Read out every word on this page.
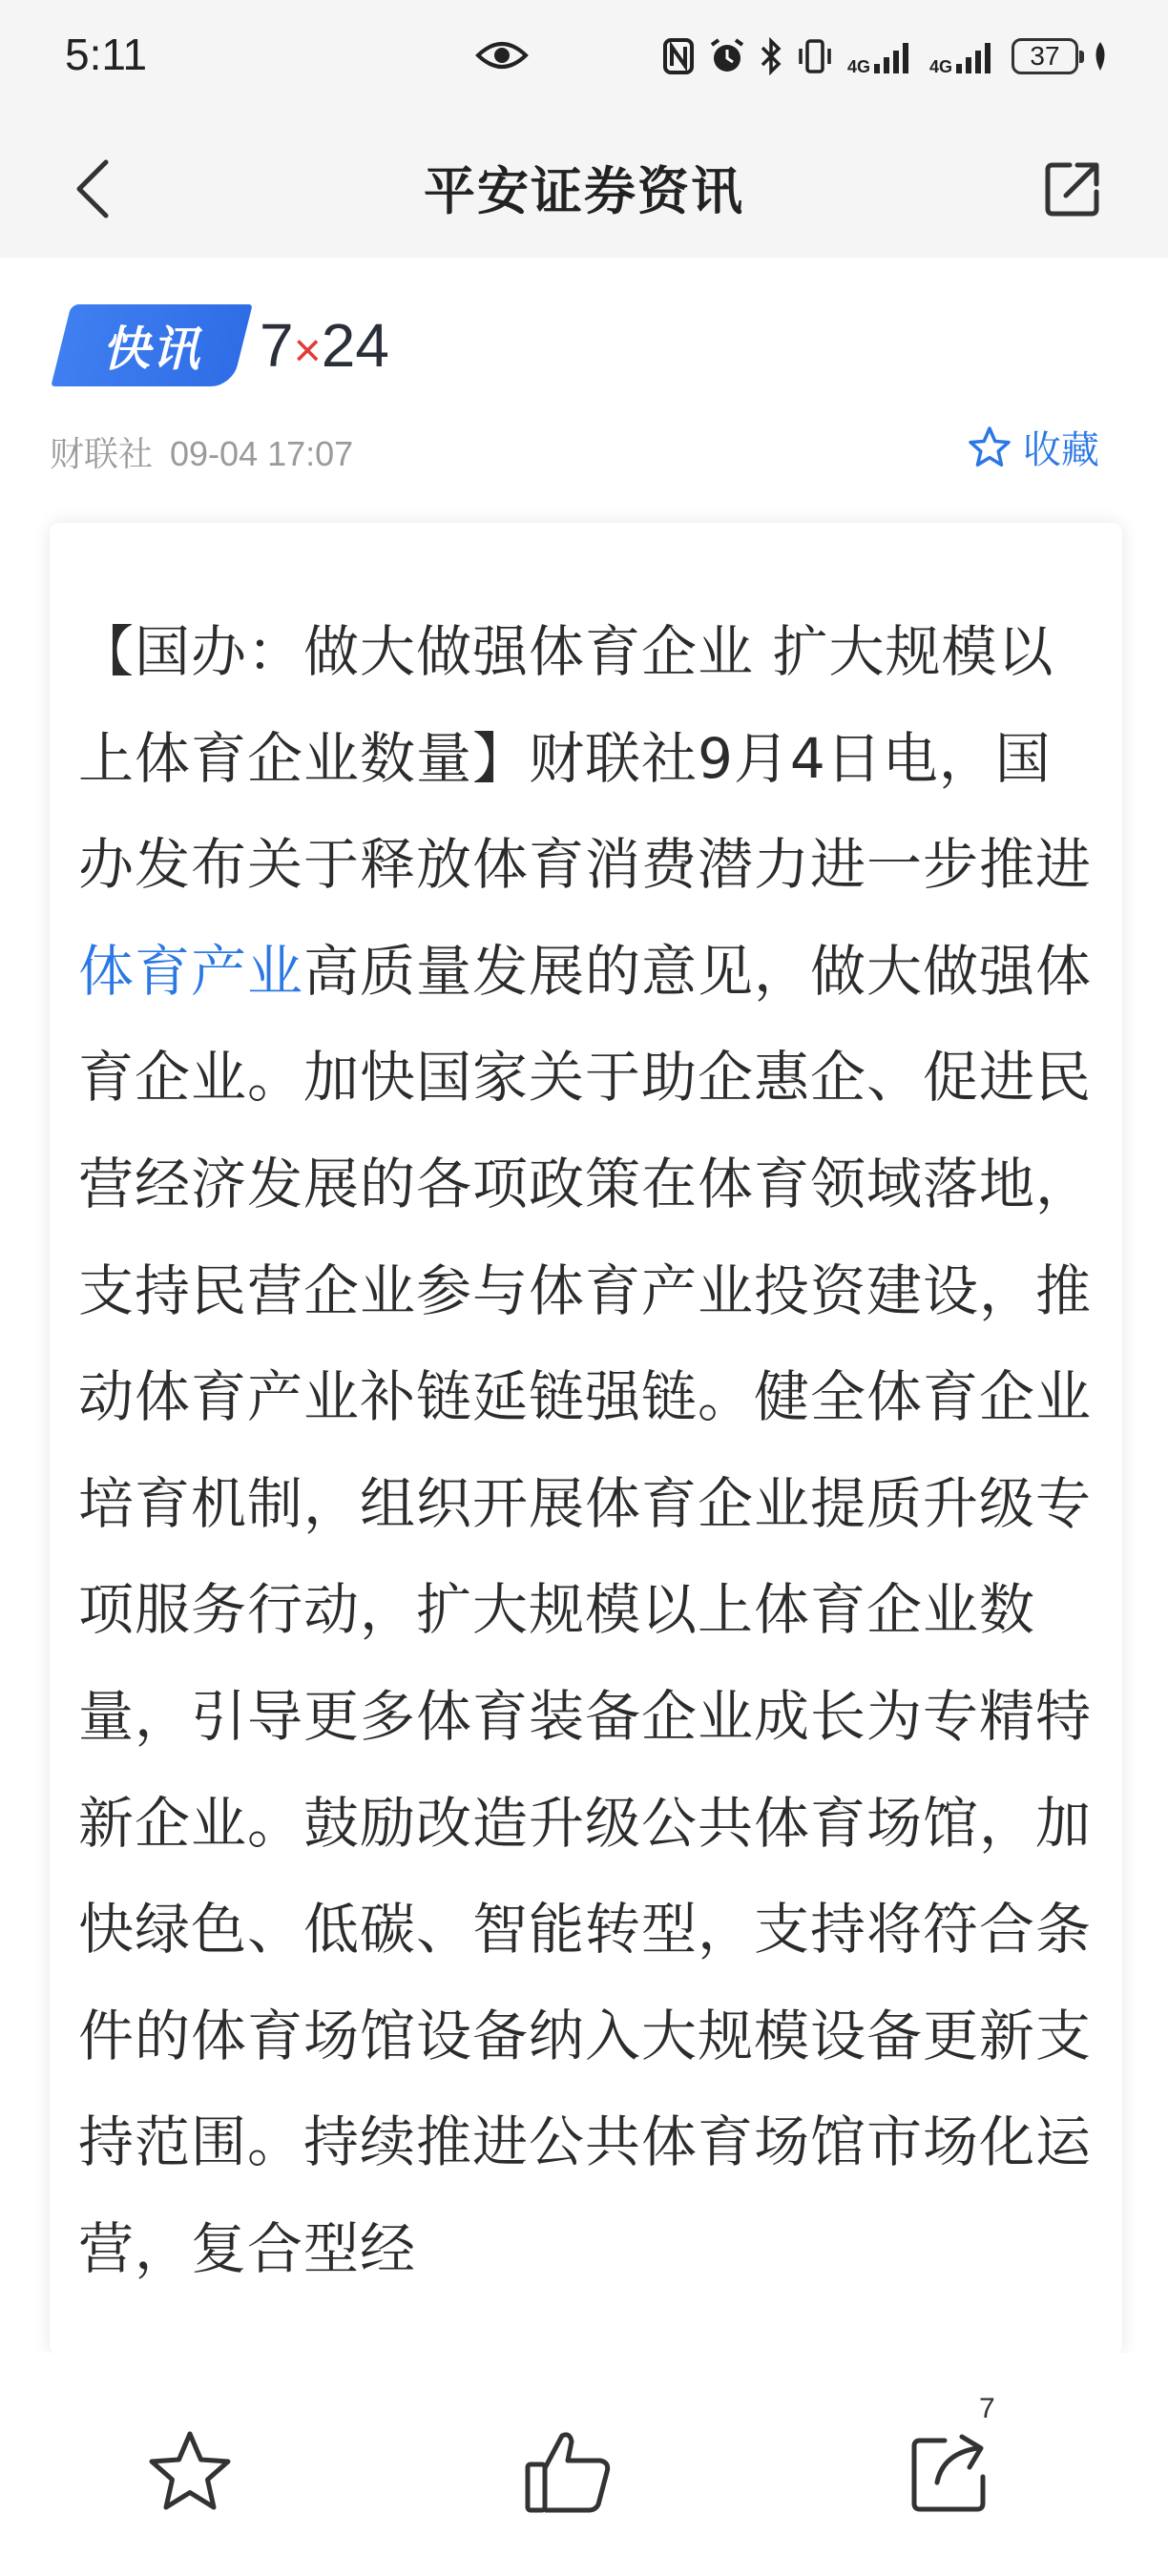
5:11	4G	4G	37
平安证券资讯
快讯 7×24
财联社 09-04 17:07	收藏
【国办：做大做强体育企业 扩大规模以上体育企业数量】财联社9月4日电，国办发布关于释放体育消费潜力进一步推进体育产业高质量发展的意见，做大做强体育企业。加快国家关于助企惠企、促进民营经济发展的各项政策在体育领域落地，支持民营企业参与体育产业投资建设，推动体育产业补链延链强链。健全体育企业培育机制，组织开展体育企业提质升级专项服务行动，扩大规模以上体育企业数量，引导更多体育装备企业成长为专精特新企业。鼓励改造升级公共体育场馆，加快绿色、低碳、智能转型，支持将符合条件的体育场馆设备纳入大规模设备更新支持范围。持续推进公共体育场馆市场化运营，复合型经
7
